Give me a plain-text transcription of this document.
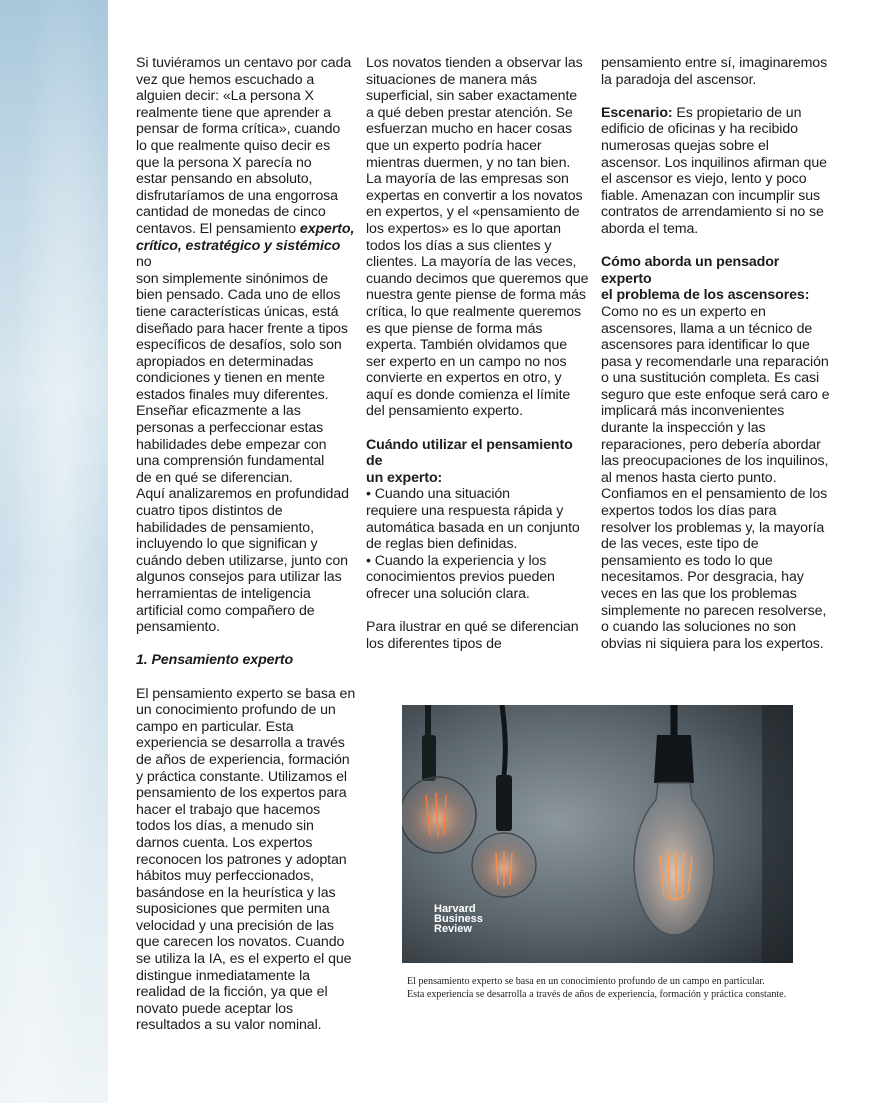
Si tuviéramos un centavo por cada
vez que hemos escuchado a
alguien decir: «La persona X
realmente tiene que aprender a
pensar de forma crítica», cuando
lo que realmente quiso decir es
que la persona X parecía no
estar pensando en absoluto,
disfrutaríamos de una engorrosa
cantidad de monedas de cinco
centavos. El pensamiento experto,
crítico, estratégico y sistémico no
son simplemente sinónimos de
bien pensado. Cada uno de ellos
tiene características únicas, está
diseñado para hacer frente a tipos
específicos de desafíos, solo son
apropiados en determinadas
condiciones y tienen en mente
estados finales muy diferentes.
Enseñar eficazmente a las
personas a perfeccionar estas
habilidades debe empezar con
una comprensión fundamental
de en qué se diferencian.

Aquí analizaremos en profundidad
cuatro tipos distintos de
habilidades de pensamiento,
incluyendo lo que significan y
cuándo deben utilizarse, junto con
algunos consejos para utilizar las
herramientas de inteligencia
artificial como compañero de
pensamiento.

1. Pensamiento experto

El pensamiento experto se basa en
un conocimiento profundo de un
campo en particular. Esta
experiencia se desarrolla a través
de años de experiencia, formación
y práctica constante. Utilizamos el
pensamiento de los expertos para
hacer el trabajo que hacemos
todos los días, a menudo sin
darnos cuenta. Los expertos
reconocen los patrones y adoptan
hábitos muy perfeccionados,
basándose en la heurística y las
suposiciones que permiten una
velocidad y una precisión de las
que carecen los novatos. Cuando
se utiliza la IA, es el experto el que
distingue inmediatamente la
realidad de la ficción, ya que el
novato puede aceptar los
resultados a su valor nominal.

Los novatos tienden a observar las
situaciones de manera más
superficial, sin saber exactamente
a qué deben prestar atención. Se
esfuerzan mucho en hacer cosas
que un experto podría hacer
mientras duermen, y no tan bien.
La mayoría de las empresas son
expertas en convertir a los novatos
en expertos, y el «pensamiento de
los expertos» es lo que aportan
todos los días a sus clientes y
clientes. La mayoría de las veces,
cuando decimos que queremos que
nuestra gente piense de forma más
crítica, lo que realmente queremos
es que piense de forma más
experta. También olvidamos que
ser experto en un campo no nos
convierte en expertos en otro, y
aquí es donde comienza el límite
del pensamiento experto.

Cuándo utilizar el pensamiento de
un experto:

• Cuando una situación
requiere una respuesta rápida y
automática basada en un conjunto
de reglas bien definidas.

• Cuando la experiencia y los
conocimientos previos pueden
ofrecer una solución clara.

Para ilustrar en qué se diferencian
los diferentes tipos de

pensamiento entre sí, imaginaremos
la paradoja del ascensor.

Escenario: Es propietario de un
edificio de oficinas y ha recibido
numerosas quejas sobre el
ascensor. Los inquilinos afirman que
el ascensor es viejo, lento y poco
fiable. Amenazan con incumplir sus
contratos de arrendamiento si no se
aborda el tema.

Cómo aborda un pensador experto
el problema de los ascensores:

Como no es un experto en
ascensores, llama a un técnico de
ascensores para identificar lo que
pasa y recomendarle una reparación
o una sustitución completa. Es casi
seguro que este enfoque será caro e
implicará más inconvenientes
durante la inspección y las
reparaciones, pero debería abordar
las preocupaciones de los inquilinos,
al menos hasta cierto punto.
Confiamos en el pensamiento de los
expertos todos los días para
resolver los problemas y, la mayoría
de las veces, este tipo de
pensamiento es todo lo que
necesitamos. Por desgracia, hay
veces en las que los problemas
simplemente no parecen resolverse,
o cuando las soluciones no son
obvias ni siquiera para los expertos.

Harvard
Business
Review
El pensamiento experto se basa en un conocimiento profundo de un campo en particular.
Esta experiencia se desarrolla a través de años de experiencia, formación y práctica constante.
